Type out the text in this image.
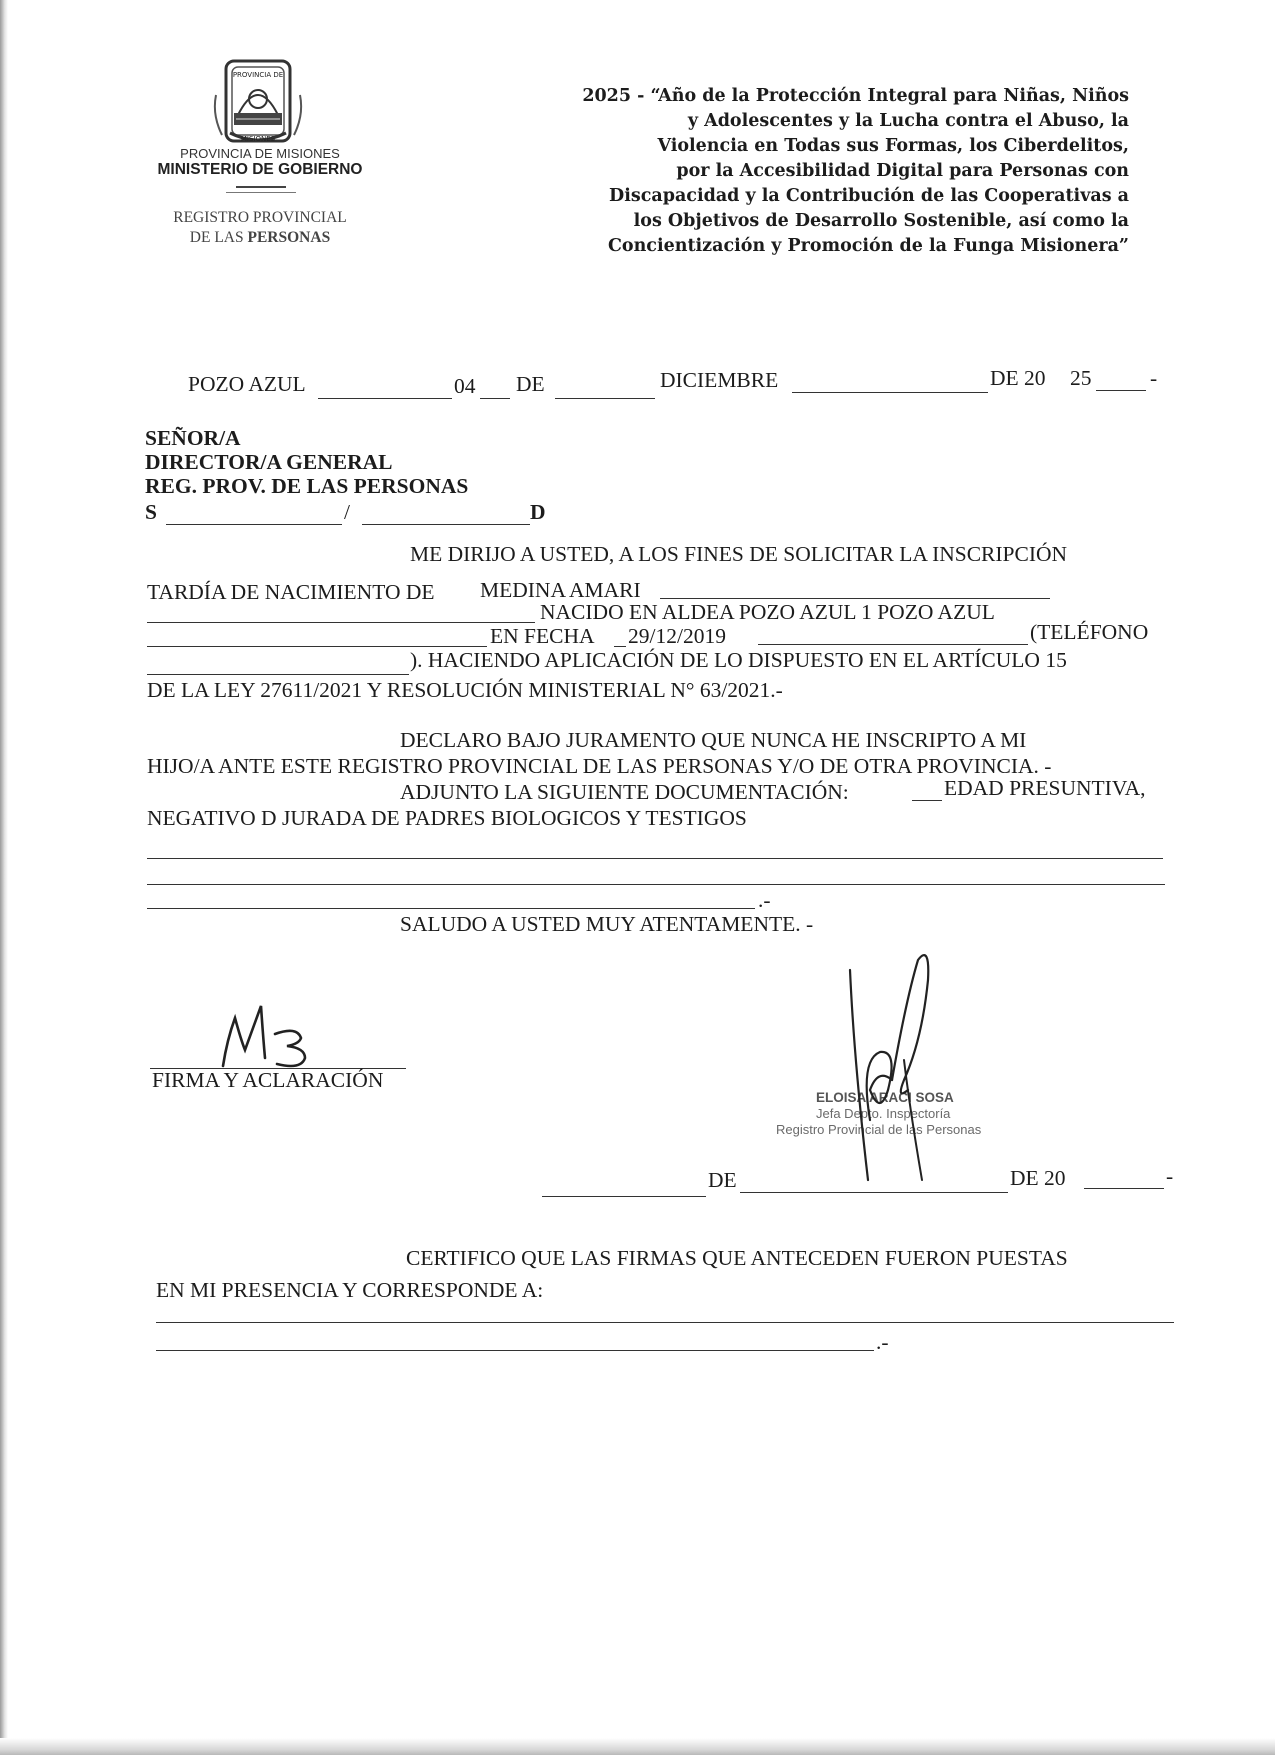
PROVINCIA DE
MISIONES
PROVINCIA DE MISIONES
MINISTERIO DE GOBIERNO
REGISTRO PROVINCIAL
DE LAS PERSONAS
2025 - “Año de la Protección Integral para Niñas, Niños
y Adolescentes y la Lucha contra el Abuso, la
Violencia en Todas sus Formas, los Ciberdelitos,
por la Accesibilidad Digital para Personas con
Discapacidad y la Contribución de las Cooperativas a
los Objetivos de Desarrollo Sostenible, así como la
Concientización y Promoción de la Funga Misionera”
POZO AZUL	04 DE	DICIEMBRE	DE 20 25	-
SEÑOR/A
DIRECTOR/A GENERAL
REG. PROV. DE LAS PERSONAS
S	/	D
ME DIRIJO A USTED, A LOS FINES DE SOLICITAR LA INSCRIPCIÓN
TARDÍA DE NACIMIENTO DE MEDINA AMARI
NACIDO EN ALDEA POZO AZUL 1 POZO AZUL
EN FECHA 29/12/2019	(TELÉFONO
). HACIENDO APLICACIÓN DE LO DISPUESTO EN EL ARTÍCULO 15
DE LA LEY 27611/2021 Y RESOLUCIÓN MINISTERIAL N° 63/2021.-
DECLARO BAJO JURAMENTO QUE NUNCA HE INSCRIPTO A MI
HIJO/A ANTE ESTE REGISTRO PROVINCIAL DE LAS PERSONAS Y/O DE OTRA PROVINCIA. -
ADJUNTO LA SIGUIENTE DOCUMENTACIÓN:	EDAD PRESUNTIVA,
NEGATIVO D JURADA DE PADRES BIOLOGICOS Y TESTIGOS
.-
SALUDO A USTED MUY ATENTAMENTE. -
MB
FIRMA Y ACLARACIÓN
ELOISA ARACI SOSA
Jefa Depto. Inspectoría
Registro Provincial de las Personas
DE	DE 20	-
CERTIFICO QUE LAS FIRMAS QUE ANTECEDEN FUERON PUESTAS
EN MI PRESENCIA Y CORRESPONDE A:
.-
